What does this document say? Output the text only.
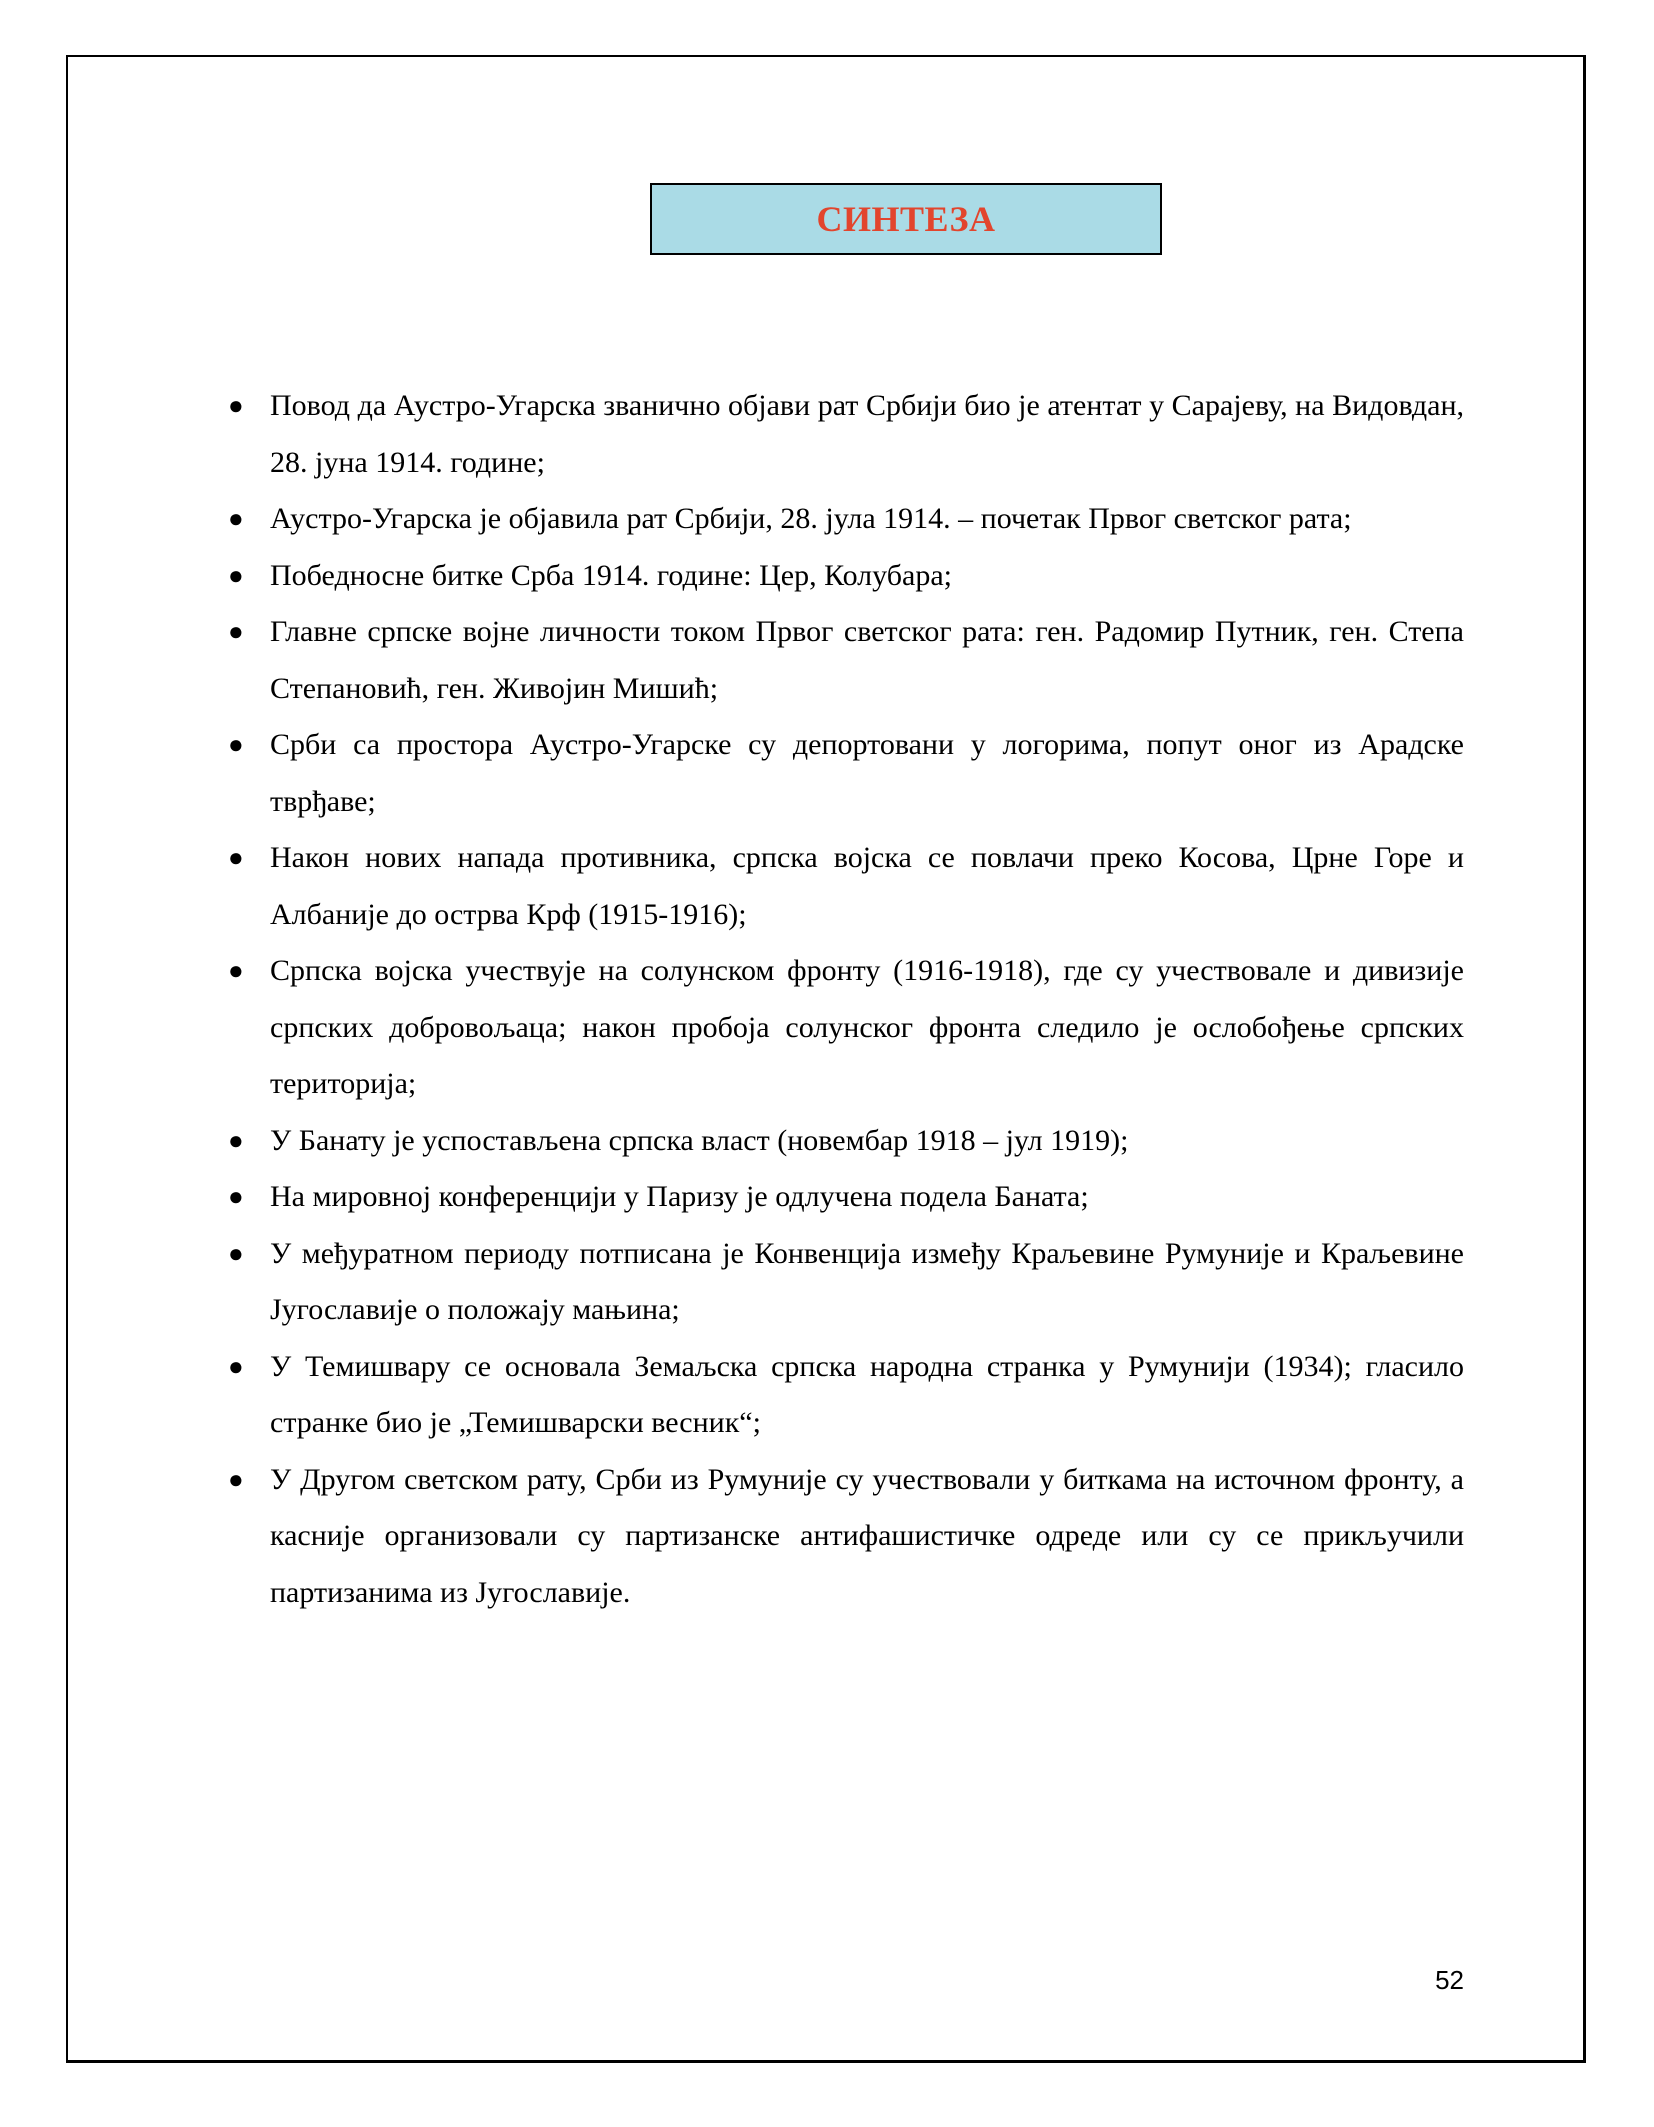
СИНТЕЗА
● Повод да Аустро-Угарска званично објави рат Србији био је атентат у Сарајеву, на Видовдан, 28. јуна 1914. године;
● Аустро-Угарска је објавила рат Србији, 28. јула 1914. – почетак Првог светског рата;
● Победносне битке Срба 1914. године: Цер, Колубара;
● Главне српске војне личности током Првог светског рата: ген. Радомир Путник, ген. Степа Степановић, ген. Живојин Мишић;
● Срби са простора Аустро-Угарске су депортовани у логорима, попут оног из Арадске тврђаве;
● Након нових напада противника, српска војска се повлачи преко Косова, Црне Горе и Албаније до острва Крф (1915-1916);
● Српска војска учествује на солунском фронту (1916-1918), где су учествовале и дивизије српских добровољаца; након пробоја солунског фронта следило је ослобођење српских територија;
● У Банату је успостављена српска власт (новембар 1918 – јул 1919);
● На мировној конференцији у Паризу је одлучена подела Баната;
● У међуратном периоду потписана је Конвенција између Краљевине Румуније и Краљевине Југославије о положају мањина;
● У Темишвару се основала Земаљска српска народна странка у Румунији (1934); гласило странке био је „Темишварски весник“;
● У Другом светском рату, Срби из Румуније су учествовали у биткама на источном фронту, а касније организовали су партизанске антифашистичке одреде или су се прикључили партизанима из Југославије.
52
